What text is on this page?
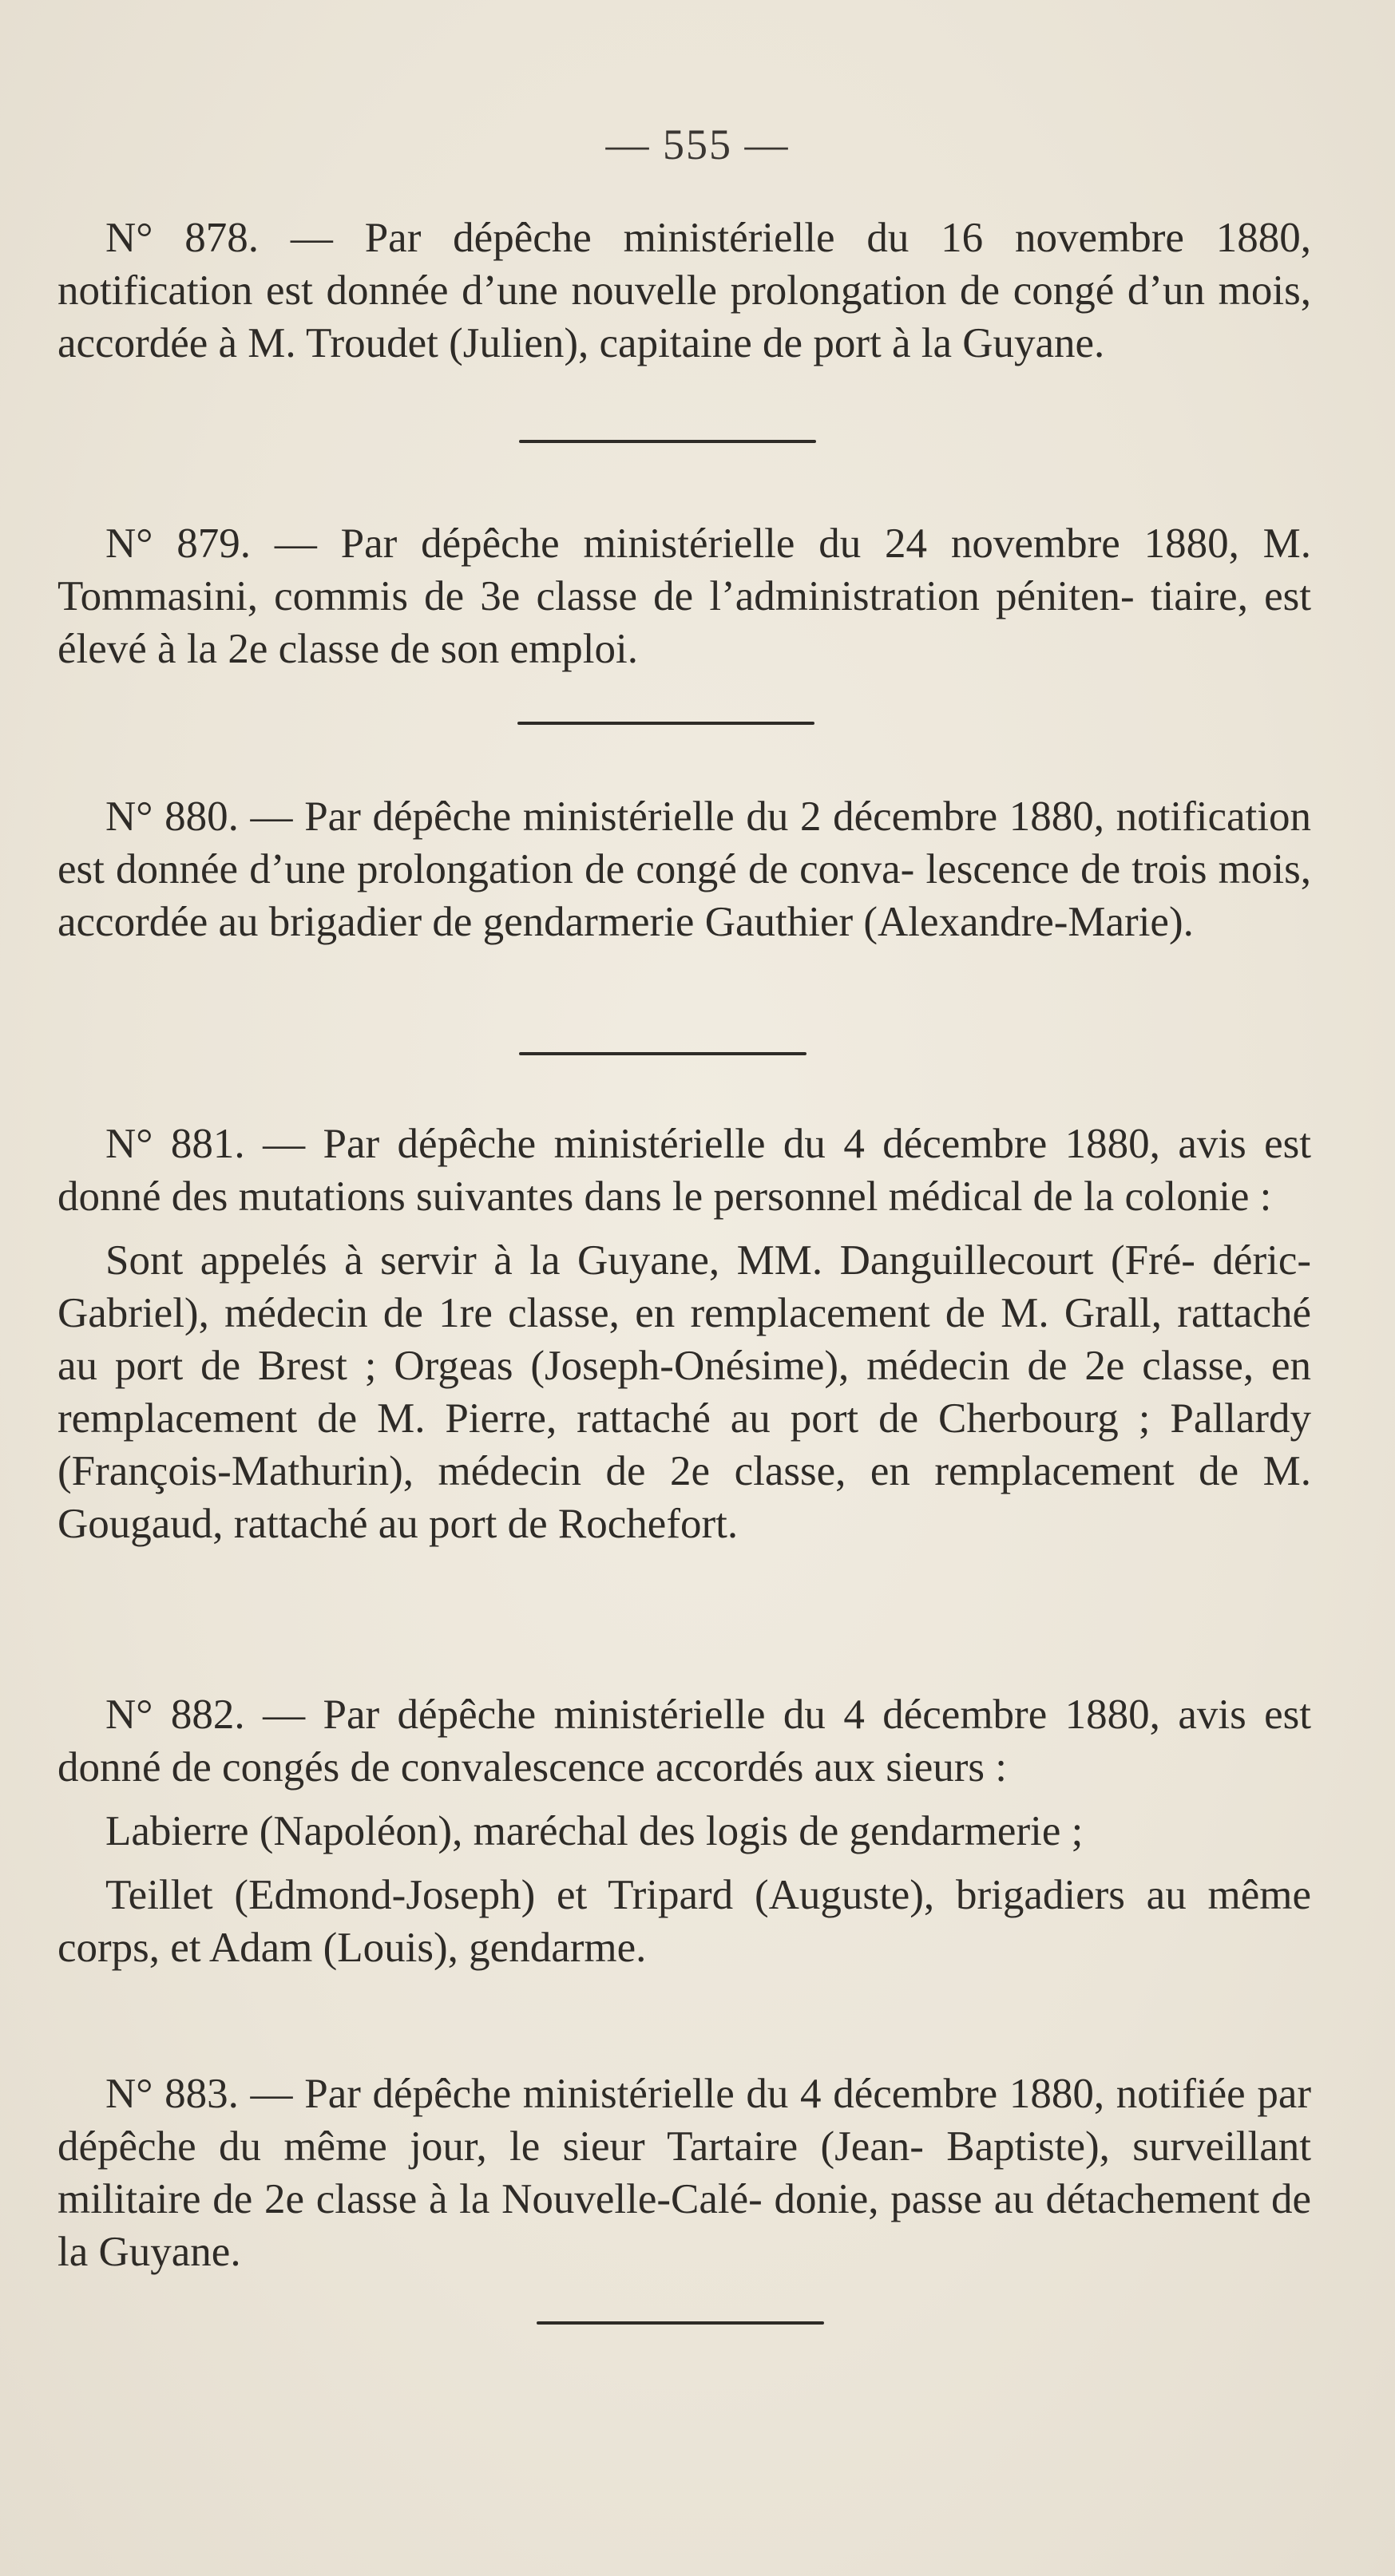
— 555 —

N° 878. — Par dépêche ministérielle du 16 novembre 1880, notification est donnée d’une nouvelle prolongation de congé d’un mois, accordée à M. Troudet (Julien), capitaine de port à la Guyane.

N° 879. — Par dépêche ministérielle du 24 novembre 1880, M. Tommasini, commis de 3e classe de l’administration péniten- tiaire, est élevé à la 2e classe de son emploi.

N° 880. — Par dépêche ministérielle du 2 décembre 1880, notification est donnée d’une prolongation de congé de conva- lescence de trois mois, accordée au brigadier de gendarmerie Gauthier (Alexandre-Marie).

N° 881. — Par dépêche ministérielle du 4 décembre 1880, avis est donné des mutations suivantes dans le personnel médical de la colonie :

Sont appelés à servir à la Guyane, MM. Danguillecourt (Fré- déric-Gabriel), médecin de 1re classe, en remplacement de M. Grall, rattaché au port de Brest ; Orgeas (Joseph-Onésime), médecin de 2e classe, en remplacement de M. Pierre, rattaché au port de Cherbourg ; Pallardy (François-Mathurin), médecin de 2e classe, en remplacement de M. Gougaud, rattaché au port de Rochefort.

N° 882. — Par dépêche ministérielle du 4 décembre 1880, avis est donné de congés de convalescence accordés aux sieurs :

Labierre (Napoléon), maréchal des logis de gendarmerie ;

Teillet (Edmond-Joseph) et Tripard (Auguste), brigadiers au même corps, et Adam (Louis), gendarme.

N° 883. — Par dépêche ministérielle du 4 décembre 1880, notifiée par dépêche du même jour, le sieur Tartaire (Jean- Baptiste), surveillant militaire de 2e classe à la Nouvelle-Calé- donie, passe au détachement de la Guyane.
